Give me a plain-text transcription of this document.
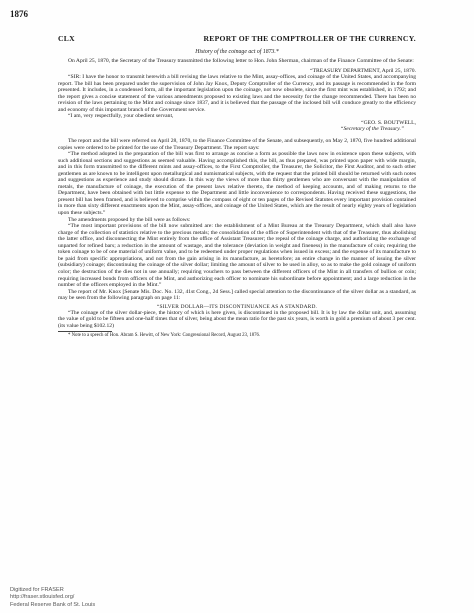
1876
CLX	REPORT OF THE COMPTROLLER OF THE CURRENCY.
History of the coinage act of 1873.*

On April 25, 1870, the Secretary of the Treasury transmitted the following letter to Hon. John Sherman, chairman of the Finance Committee of the Senate:

“TREASURY DEPARTMENT, April 25, 1870.

“SIR: I have the honor to transmit herewith a bill revising the laws relative to the Mint, assay-offices, and coinage of the United States, and accompanying report. The bill has been prepared under the supervision of John Jay Knox, Deputy Comptroller of the Currency, and its passage is recommended in the form presented. It includes, in a condensed form, all the important legislation upon the coinage, not now obsolete, since the first mint was established, in 1792; and the report gives a concise statement of the various amendments proposed to existing laws and the necessity for the change recommended. There has been no revision of the laws pertaining to the Mint and coinage since 1837, and it is believed that the passage of the inclosed bill will conduce greatly to the efficiency and economy of this important branch of the Government service.

“I am, very respectfully, your obedient servant,

“GEO. S. BOUTWELL,
“Secretary of the Treasury.”

The report and the bill were referred on April 28, 1870, to the Finance Committee of the Senate, and subsequently, on May 2, 1870, five hundred additional copies were ordered to be printed for the use of the Treasury Department. The report says:

“The method adopted in the preparation of the bill was first to arrange as concise a form as possible the laws now in existence upon these subjects, with such additional sections and suggestions as seemed valuable. Having accomplished this, the bill, as thus prepared, was printed upon paper with wide margin, and in this form transmitted to the different mints and assay-offices, to the First Comptroller, the Treasurer, the Solicitor, the First Auditor, and to such other gentlemen as are known to be intelligent upon metallurgical and numismatical subjects, with the request that the printed bill should be returned with such notes and suggestions as experience and study should dictate. In this way the views of more than thirty gentlemen who are conversant with the manipulation of metals, the manufacture of coinage, the execution of the present laws relative thereto, the method of keeping accounts, and of making returns to the Department, have been obtained with but little expense to the Department and little inconvenience to correspondents. Having received these suggestions, the present bill has been framed, and is believed to comprise within the compass of eight or ten pages of the Revised Statutes every important provision contained in more than sixty different enactments upon the Mint, assay-offices, and coinage of the United States, which are the result of nearly eighty years of legislation upon these subjects.”

The amendments proposed by the bill were as follows:

“The most important provisions of the bill now submitted are: the establishment of a Mint Bureau at the Treasury Department, which shall also have charge of the collection of statistics relative to the precious metals; the consolidation of the office of Superintendent with that of the Treasurer, thus abolishing the latter office, and disconnecting the Mint entirely from the office of Assistant Treasurer; the repeal of the coinage charge, and authorizing the exchange of unparted for refined bars; a reduction in the amount of wastage, and the tolerance (deviation in weight and fineness) in the manufacture of coin; requiring the token coinage to be of one material of uniform value, and to be redeemed under proper regulations when issued in excess; and the expense of its manufacture to be paid from specific appropriations, and not from the gain arising in its manufacture, as heretofore; an entire change in the manner of issuing the silver (subsidiary) coinage; discontinuing the coinage of the silver dollar; limiting the amount of silver to be used in alloy, so as to make the gold coinage of uniform color; the destruction of the dies not in use annually; requiring vouchers to pass between the different officers of the Mint in all transfers of bullion or coin; requiring increased bonds from officers of the Mint, and authorizing each officer to nominate his subordinate before appointment; and a large reduction in the number of the officers employed in the Mint.”

The report of Mr. Knox [Senate Mis. Doc. No. 132, 41st Cong., 2d Sess.] called special attention to the discontinuance of the silver dollar as a standard, as may be seen from the following paragraph on page 11:

“SILVER DOLLAR—ITS DISCONTINUANCE AS A STANDARD.

“The coinage of the silver dollar-piece, the history of which is here given, is discontinued in the proposed bill. It is by law the dollar unit, and, assuming the value of gold to be fifteen and one-half times that of silver, being about the mean ratio for the past six years, is worth in gold a premium of about 3 per cent. (its value being $102.12)

* Note to a speech of Hon. Abram S. Hewitt, of New York: Congressional Record, August 23, 1876.

Digitized for FRASER
http://fraser.stlouisfed.org/
Federal Reserve Bank of St. Louis
